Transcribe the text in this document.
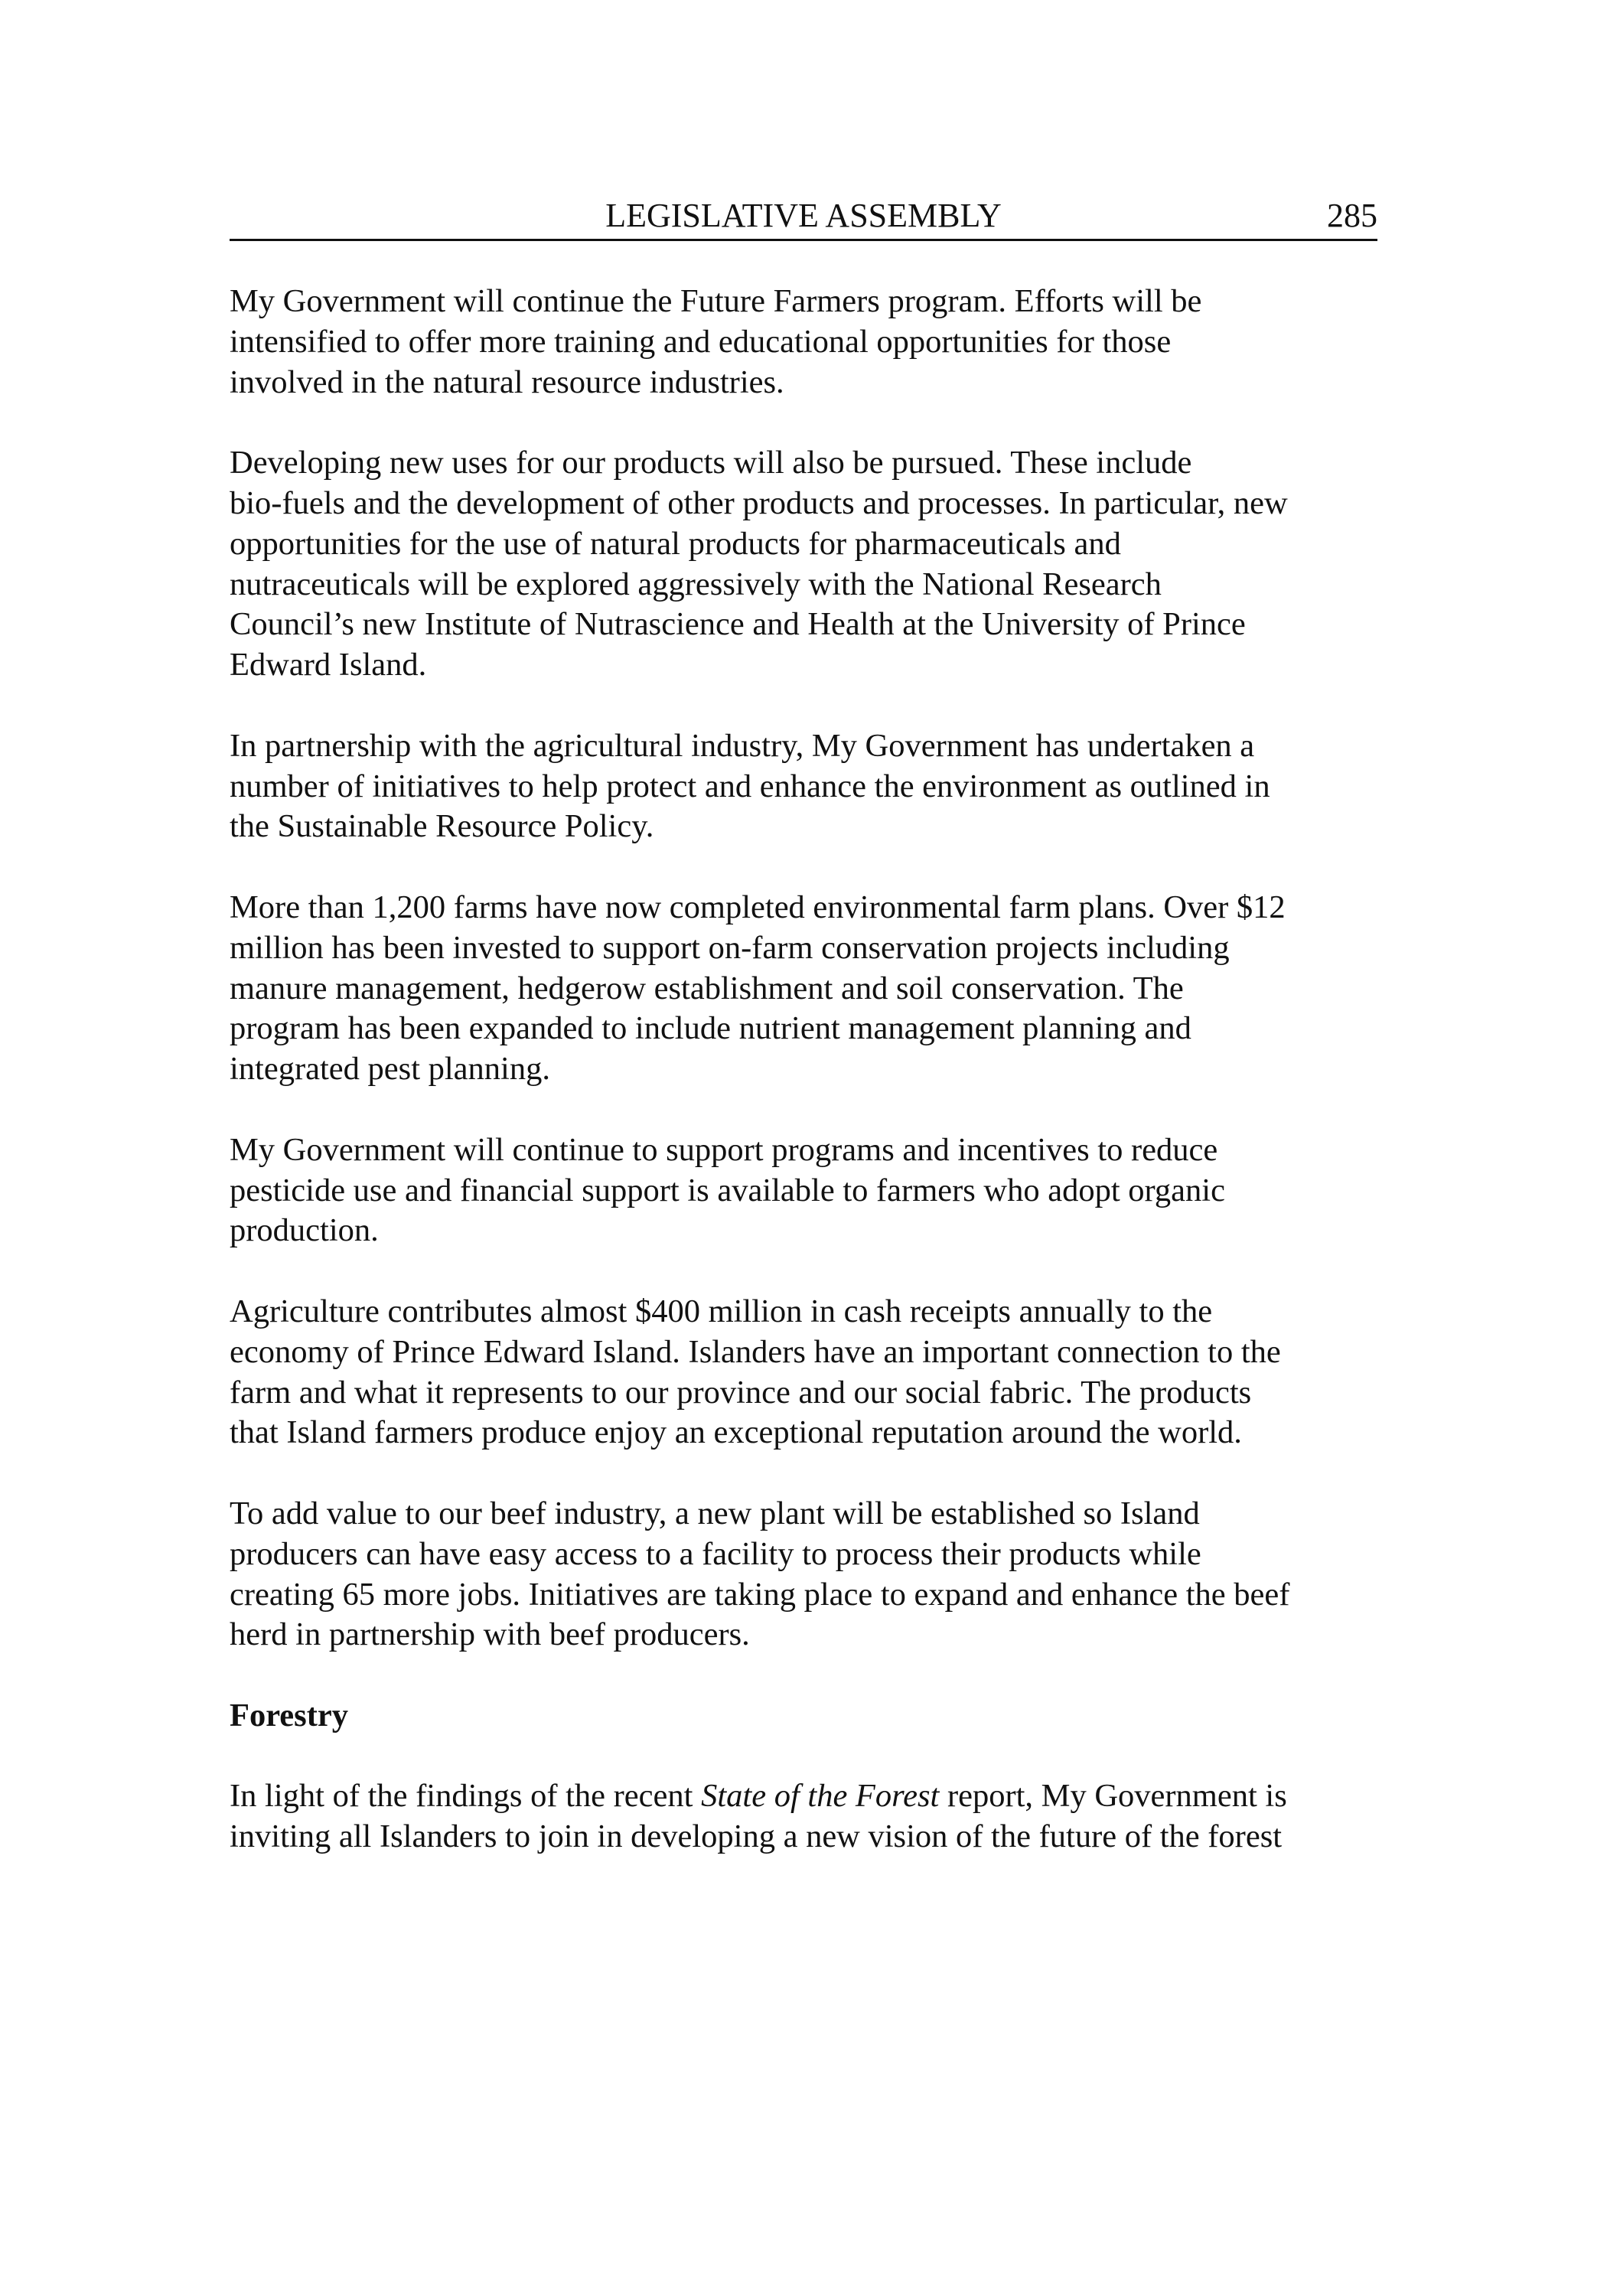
LEGISLATIVE ASSEMBLY	285

My Government will continue the Future Farmers program. Efforts will be
intensified to offer more training and educational opportunities for those
involved in the natural resource industries.

Developing new uses for our products will also be pursued. These include
bio-fuels and the development of other products and processes. In particular, new
opportunities for the use of natural products for pharmaceuticals and
nutraceuticals will be explored aggressively with the National Research
Council’s new Institute of Nutrascience and Health at the University of Prince
Edward Island.

In partnership with the agricultural industry, My Government has undertaken a
number of initiatives to help protect and enhance the environment as outlined in
the Sustainable Resource Policy.

More than 1,200 farms have now completed environmental farm plans. Over $12
million has been invested to support on-farm conservation projects including
manure management, hedgerow establishment and soil conservation. The
program has been expanded to include nutrient management planning and
integrated pest planning.

My Government will continue to support programs and incentives to reduce
pesticide use and financial support is available to farmers who adopt organic
production.

Agriculture contributes almost $400 million in cash receipts annually to the
economy of Prince Edward Island. Islanders have an important connection to the
farm and what it represents to our province and our social fabric. The products
that Island farmers produce enjoy an exceptional reputation around the world.

To add value to our beef industry, a new plant will be established so Island
producers can have easy access to a facility to process their products while
creating 65 more jobs. Initiatives are taking place to expand and enhance the beef
herd in partnership with beef producers.

Forestry

In light of the findings of the recent State of the Forest report, My Government is
inviting all Islanders to join in developing a new vision of the future of the forest
